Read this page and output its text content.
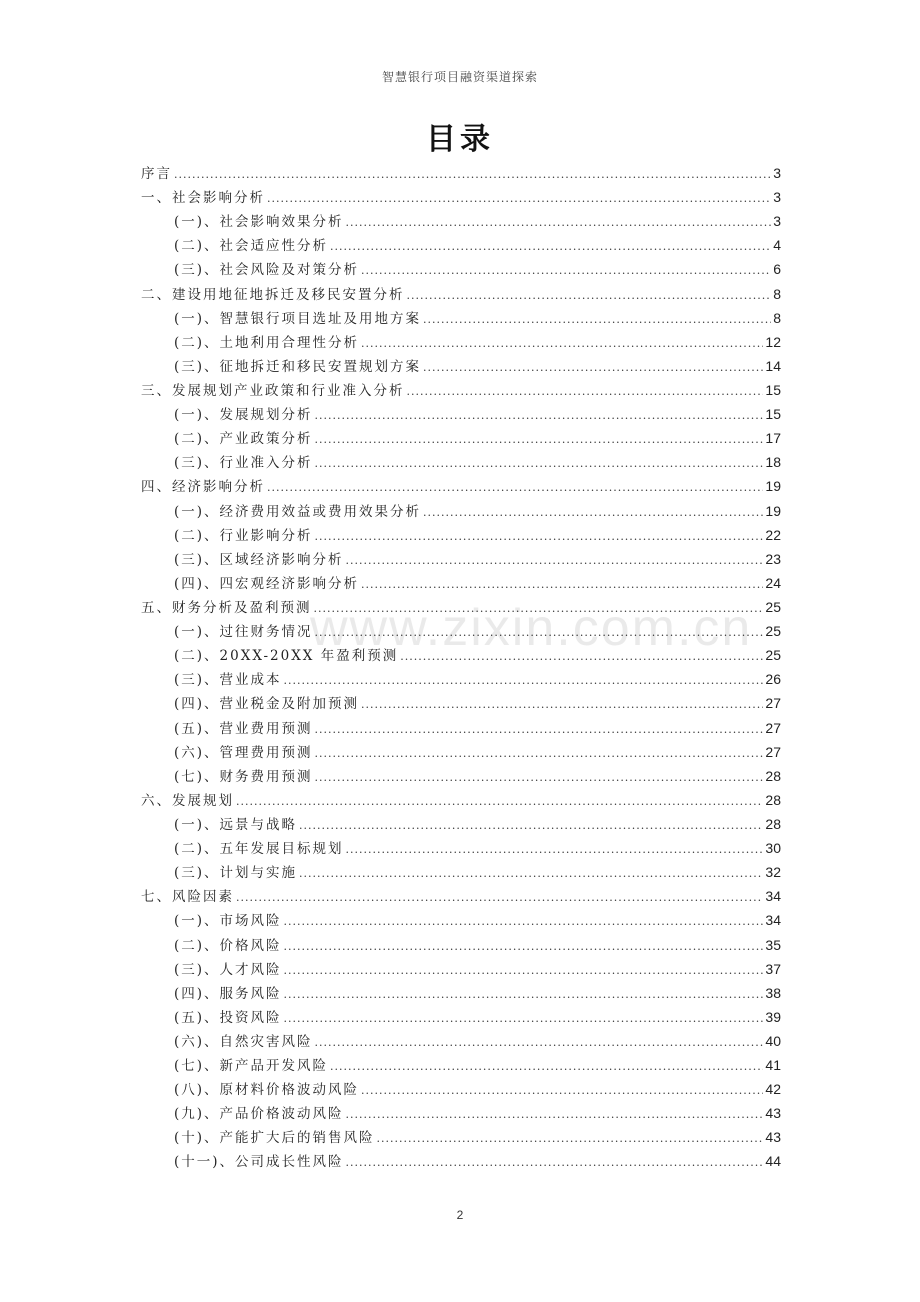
智慧银行项目融资渠道探索
目录
www.zixin.com.cn
序言 .....	3
一、社会影响分析 .....	3
(一)、社会影响效果分析 .....	3
(二)、社会适应性分析 .....	4
(三)、社会风险及对策分析 .....	6
二、建设用地征地拆迁及移民安置分析 .....	8
(一)、智慧银行项目选址及用地方案 .....	8
(二)、土地利用合理性分析 .....	12
(三)、征地拆迁和移民安置规划方案 .....	14
三、发展规划产业政策和行业准入分析 .....	15
(一)、发展规划分析 .....	15
(二)、产业政策分析 .....	17
(三)、行业准入分析 .....	18
四、经济影响分析 .....	19
(一)、经济费用效益或费用效果分析 .....	19
(二)、行业影响分析 .....	22
(三)、区域经济影响分析 .....	23
(四)、四宏观经济影响分析 .....	24
五、财务分析及盈利预测 .....	25
(一)、过往财务情况 .....	25
(二)、20XX-20XX 年盈利预测 .....	25
(三)、营业成本 .....	26
(四)、营业税金及附加预测 .....	27
(五)、营业费用预测 .....	27
(六)、管理费用预测 .....	27
(七)、财务费用预测 .....	28
六、发展规划 .....	28
(一)、远景与战略 .....	28
(二)、五年发展目标规划 .....	30
(三)、计划与实施 .....	32
七、风险因素 .....	34
(一)、市场风险 .....	34
(二)、价格风险 .....	35
(三)、人才风险 .....	37
(四)、服务风险 .....	38
(五)、投资风险 .....	39
(六)、自然灾害风险 .....	40
(七)、新产品开发风险 .....	41
(八)、原材料价格波动风险 .....	42
(九)、产品价格波动风险 .....	43
(十)、产能扩大后的销售风险 .....	43
(十一)、公司成长性风险 .....	44
2
